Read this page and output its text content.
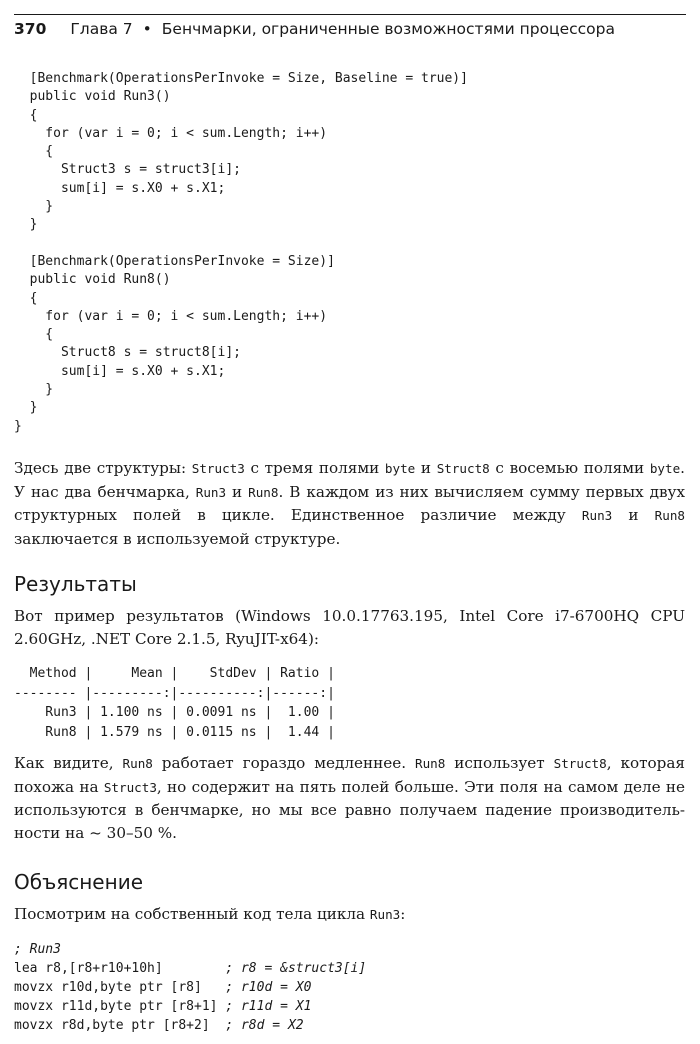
370 Глава 7 • Бенчмарки, ограниченные возможностями процессора
[Benchmark(OperationsPerInvoke = Size, Baseline = true)]
public void Run3()
{
for (var i = 0; i < sum.Length; i++)
{
Struct3 s = struct3[i];
sum[i] = s.X0 + s.X1;
}
}

[Benchmark(OperationsPerInvoke = Size)]
public void Run8()
{
for (var i = 0; i < sum.Length; i++)
{
Struct8 s = struct8[i];
sum[i] = s.X0 + s.X1;
}
}
}

Здесь две структуры: Struct3 с тремя полями byte и Struct8 с восемью полями byte. У нас два бенчмарка, Run3 и Run8. В каждом из них вычисляем сумму первых двух структурных полей в цикле. Единственное различие между Run3 и Run8 заключается в используемой структуре.

Результаты

Вот пример результатов (Windows 10.0.17763.195, Intel Core i7-6700HQ CPU 2.60GHz, .NET Core 2.1.5, RyuJIT-x64):

Method |     Mean |    StdDev | Ratio |
-------- |---------:|----------:|------:|
Run3 | 1.100 ns | 0.0091 ns |  1.00 |
Run8 | 1.579 ns | 0.0115 ns |  1.44 |

Как видите, Run8 работает гораздо медленнее. Run8 использует Struct8, которая похожа на Struct3, но содержит на пять полей больше. Эти поля на самом деле не используются в бенчмарке, но мы все равно получаем падение производительности на ~ 30–50 %.

Объяснение

Посмотрим на собственный код тела цикла Run3:

; Run3
lea r8,[r8+r10+10h]        ; r8 = &struct3[i]
movzx r10d,byte ptr [r8]   ; r10d = X0
movzx r11d,byte ptr [r8+1] ; r11d = X1
movzx r8d,byte ptr [r8+2]  ; r8d = X2
